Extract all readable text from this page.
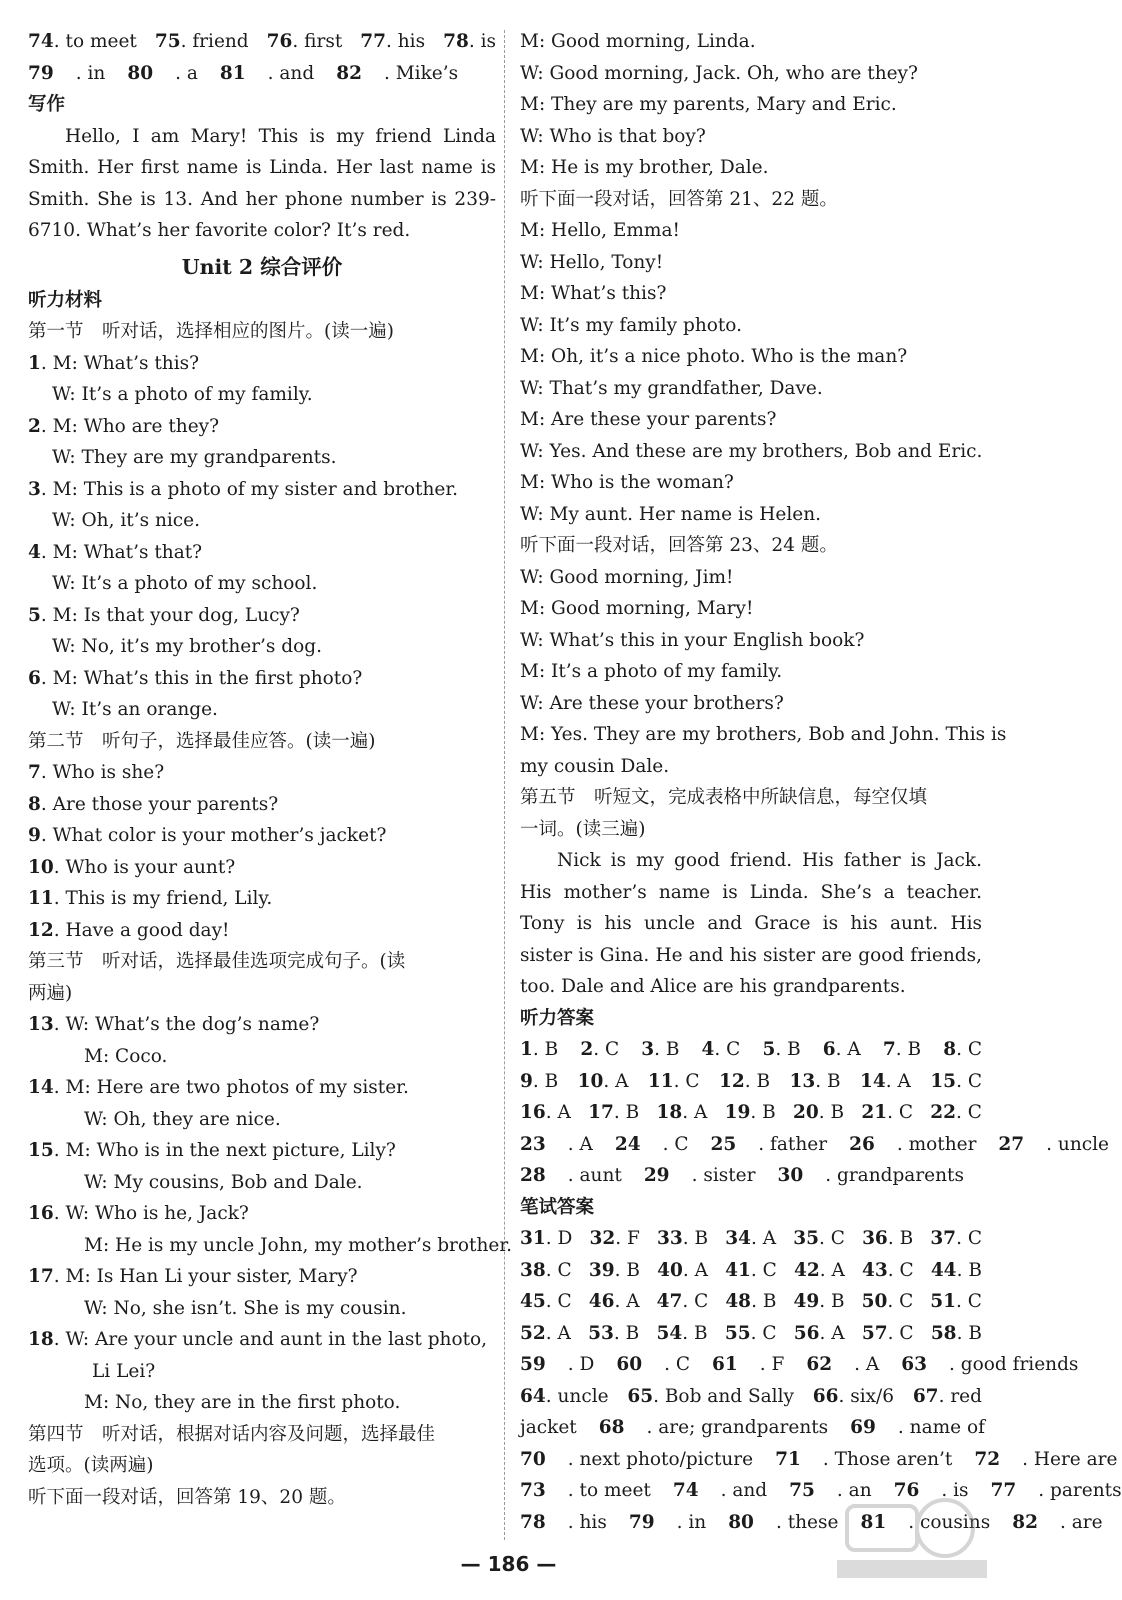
74. to meet 75. friend 76. first 77. his 78. is
79 . in 80 . a 81 . and 82 . Mike’s
写作
Hello, I am Mary! This is my friend Linda Smith. Her first name is Linda. Her last name is Smith. She is 13. And her phone number is 239-6710. What’s her favorite color? It’s red.
Unit 2 综合评价
听力材料
第一节　听对话，选择相应的图片。(读一遍)
1. M: What’s this?
W: It’s a photo of my family.
2. M: Who are they?
W: They are my grandparents.
3. M: This is a photo of my sister and brother.
W: Oh, it’s nice.
4. M: What’s that?
W: It’s a photo of my school.
5. M: Is that your dog, Lucy?
W: No, it’s my brother’s dog.
6. M: What’s this in the first photo?
W: It’s an orange.
第二节　听句子，选择最佳应答。(读一遍)
7. Who is she?
8. Are those your parents?
9. What color is your mother’s jacket?
10. Who is your aunt?
11. This is my friend, Lily.
12. Have a good day!
第三节　听对话，选择最佳选项完成句子。(读
两遍)
13. W: What’s the dog’s name?
M: Coco.
14. M: Here are two photos of my sister.
W: Oh, they are nice.
15. M: Who is in the next picture, Lily?
W: My cousins, Bob and Dale.
16. W: Who is he, Jack?
M: He is my uncle John, my mother’s brother.
17. M: Is Han Li your sister, Mary?
W: No, she isn’t. She is my cousin.
18. W: Are your uncle and aunt in the last photo,
Li Lei?
M: No, they are in the first photo.
第四节　听对话，根据对话内容及问题，选择最佳
选项。(读两遍)
听下面一段对话，回答第 19、20 题。
M: Good morning, Linda.
W: Good morning, Jack. Oh, who are they?
M: They are my parents, Mary and Eric.
W: Who is that boy?
M: He is my brother, Dale.
听下面一段对话，回答第 21、22 题。
M: Hello, Emma!
W: Hello, Tony!
M: What’s this?
W: It’s my family photo.
M: Oh, it’s a nice photo. Who is the man?
W: That’s my grandfather, Dave.
M: Are these your parents?
W: Yes. And these are my brothers, Bob and Eric.
M: Who is the woman?
W: My aunt. Her name is Helen.
听下面一段对话，回答第 23、24 题。
W: Good morning, Jim!
M: Good morning, Mary!
W: What’s this in your English book?
M: It’s a photo of my family.
W: Are these your brothers?
M: Yes. They are my brothers, Bob and John. This is
my cousin Dale.
第五节　听短文，完成表格中所缺信息，每空仅填
一词。(读三遍)
Nick is my good friend. His father is Jack. His mother’s name is Linda. She’s a teacher. Tony is his uncle and Grace is his aunt. His sister is Gina. He and his sister are good friends, too. Dale and Alice are his grandparents.
听力答案
1. B 2. C 3. B 4. C 5. B 6. A 7. B 8. C
9. B 10. A 11. C 12. B 13. B 14. A 15. C
16. A 17. B 18. A 19. B 20. B 21. C 22. C
23 . A 24 . C 25 . father 26 . mother 27 . uncle
28 . aunt 29 . sister 30 . grandparents
笔试答案
31. D 32. F 33. B 34. A 35. C 36. B 37. C
38. C 39. B 40. A 41. C 42. A 43. C 44. B
45. C 46. A 47. C 48. B 49. B 50. C 51. C
52. A 53. B 54. B 55. C 56. A 57. C 58. B
59 . D 60 . C 61 . F 62 . A 63 . good friends
64. uncle 65. Bob and Sally 66. six/6 67. red
jacket 68 . are; grandparents 69 . name of
70 . next photo/picture 71 . Those aren’t 72 . Here are
73 . to meet 74 . and 75 . an 76 . is 77 . parents
78 . his 79 . in 80 . these 81 . cousins 82 . are
— 186 —
